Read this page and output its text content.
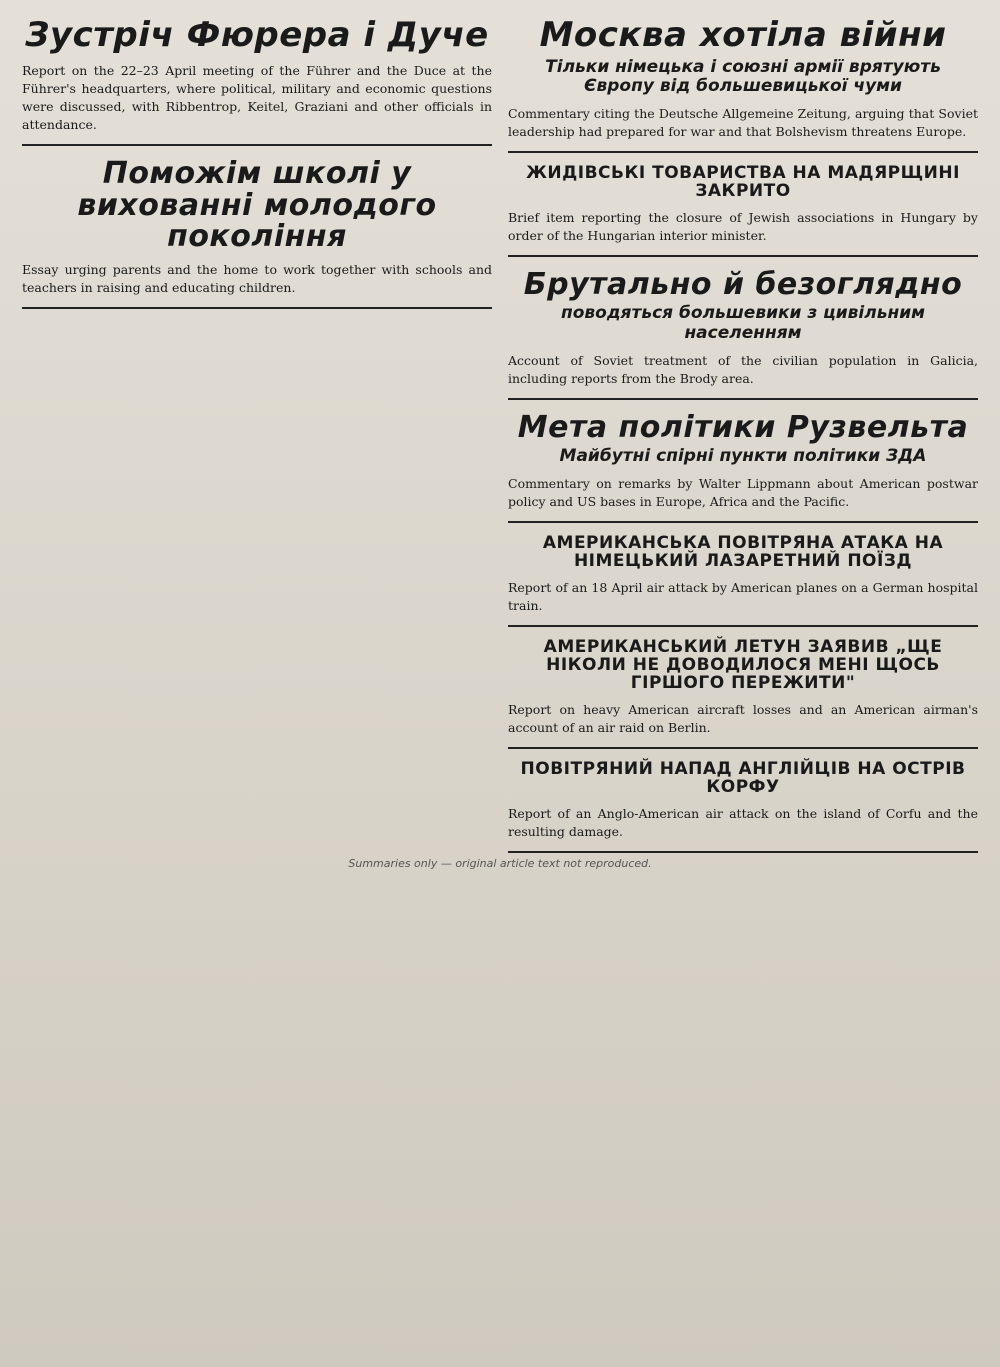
Зустріч Фюрера і Дуче
Report on the 22–23 April meeting of the Führer and the Duce at the Führer's headquarters, where political, military and economic questions were discussed, with Ribbentrop, Keitel, Graziani and other officials in attendance.
Поможім школі у вихованні молодого покоління
Essay urging parents and the home to work together with schools and teachers in raising and educating children.
Москва хотіла війни
Тільки німецька і союзні армії врятують Європу від большевицької чуми
Commentary citing the Deutsche Allgemeine Zeitung, arguing that Soviet leadership had prepared for war and that Bolshevism threatens Europe.
ЖИДІВСЬКІ ТОВАРИСТВА НА МАДЯРЩИНІ ЗАКРИТО
Brief item reporting the closure of Jewish associations in Hungary by order of the Hungarian interior minister.
Брутально й безоглядно
поводяться большевики з цивільним населенням
Account of Soviet treatment of the civilian population in Galicia, including reports from the Brody area.
Мета політики Рузвельта
Майбутні спірні пункти політики ЗДА
Commentary on remarks by Walter Lippmann about American postwar policy and US bases in Europe, Africa and the Pacific.
АМЕРИКАНСЬКА ПОВІТРЯНА АТАКА НА НІМЕЦЬКИЙ ЛАЗАРЕТНИЙ ПОЇЗД
Report of an 18 April air attack by American planes on a German hospital train.
АМЕРИКАНСЬКИЙ ЛЕТУН ЗАЯВИВ „ЩЕ НІКОЛИ НЕ ДОВОДИЛОСЯ МЕНІ ЩОСЬ ГІРШОГО ПЕРЕЖИТИ"
Report on heavy American aircraft losses and an American airman's account of an air raid on Berlin.
ПОВІТРЯНИЙ НАПАД АНГЛІЙЦІВ НА ОСТРІВ КОРФУ
Report of an Anglo-American air attack on the island of Corfu and the resulting damage.
Summaries only — original article text not reproduced.
